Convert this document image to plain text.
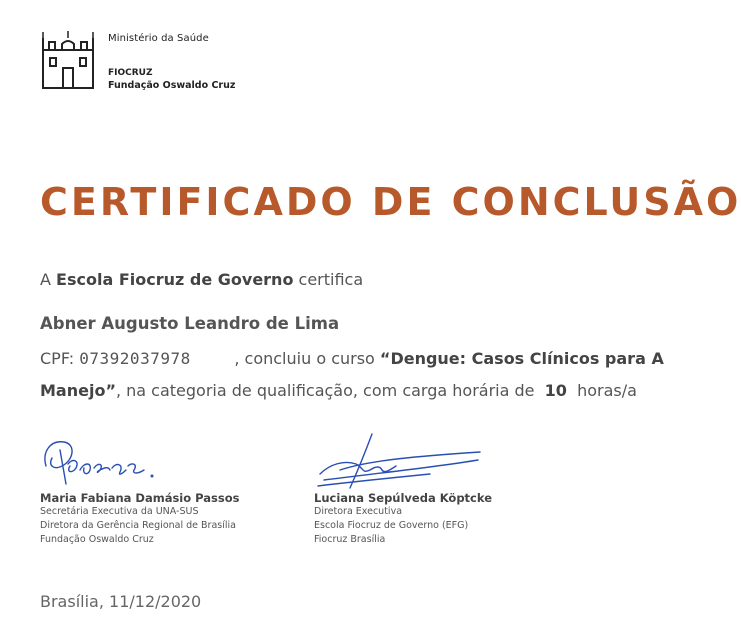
Ministério da Saúde
FIOCRUZ
Fundação Oswaldo Cruz
CERTIFICADO DE CONCLUSÃO
A Escola Fiocruz de Governo certifica
Abner Augusto Leandro de Lima
CPF: 07392037978	, concluiu o curso “Dengue: Casos Clínicos para A
Manejo”, na categoria de qualificação, com carga horária de 10 horas/a
Maria Fabiana Damásio Passos
Secretária Executiva da UNA-SUS
Diretora da Gerência Regional de Brasília
Fundação Oswaldo Cruz
Luciana Sepúlveda Köptcke
Diretora Executiva
Escola Fiocruz de Governo (EFG)
Fiocruz Brasília
Brasília, 11/12/2020
